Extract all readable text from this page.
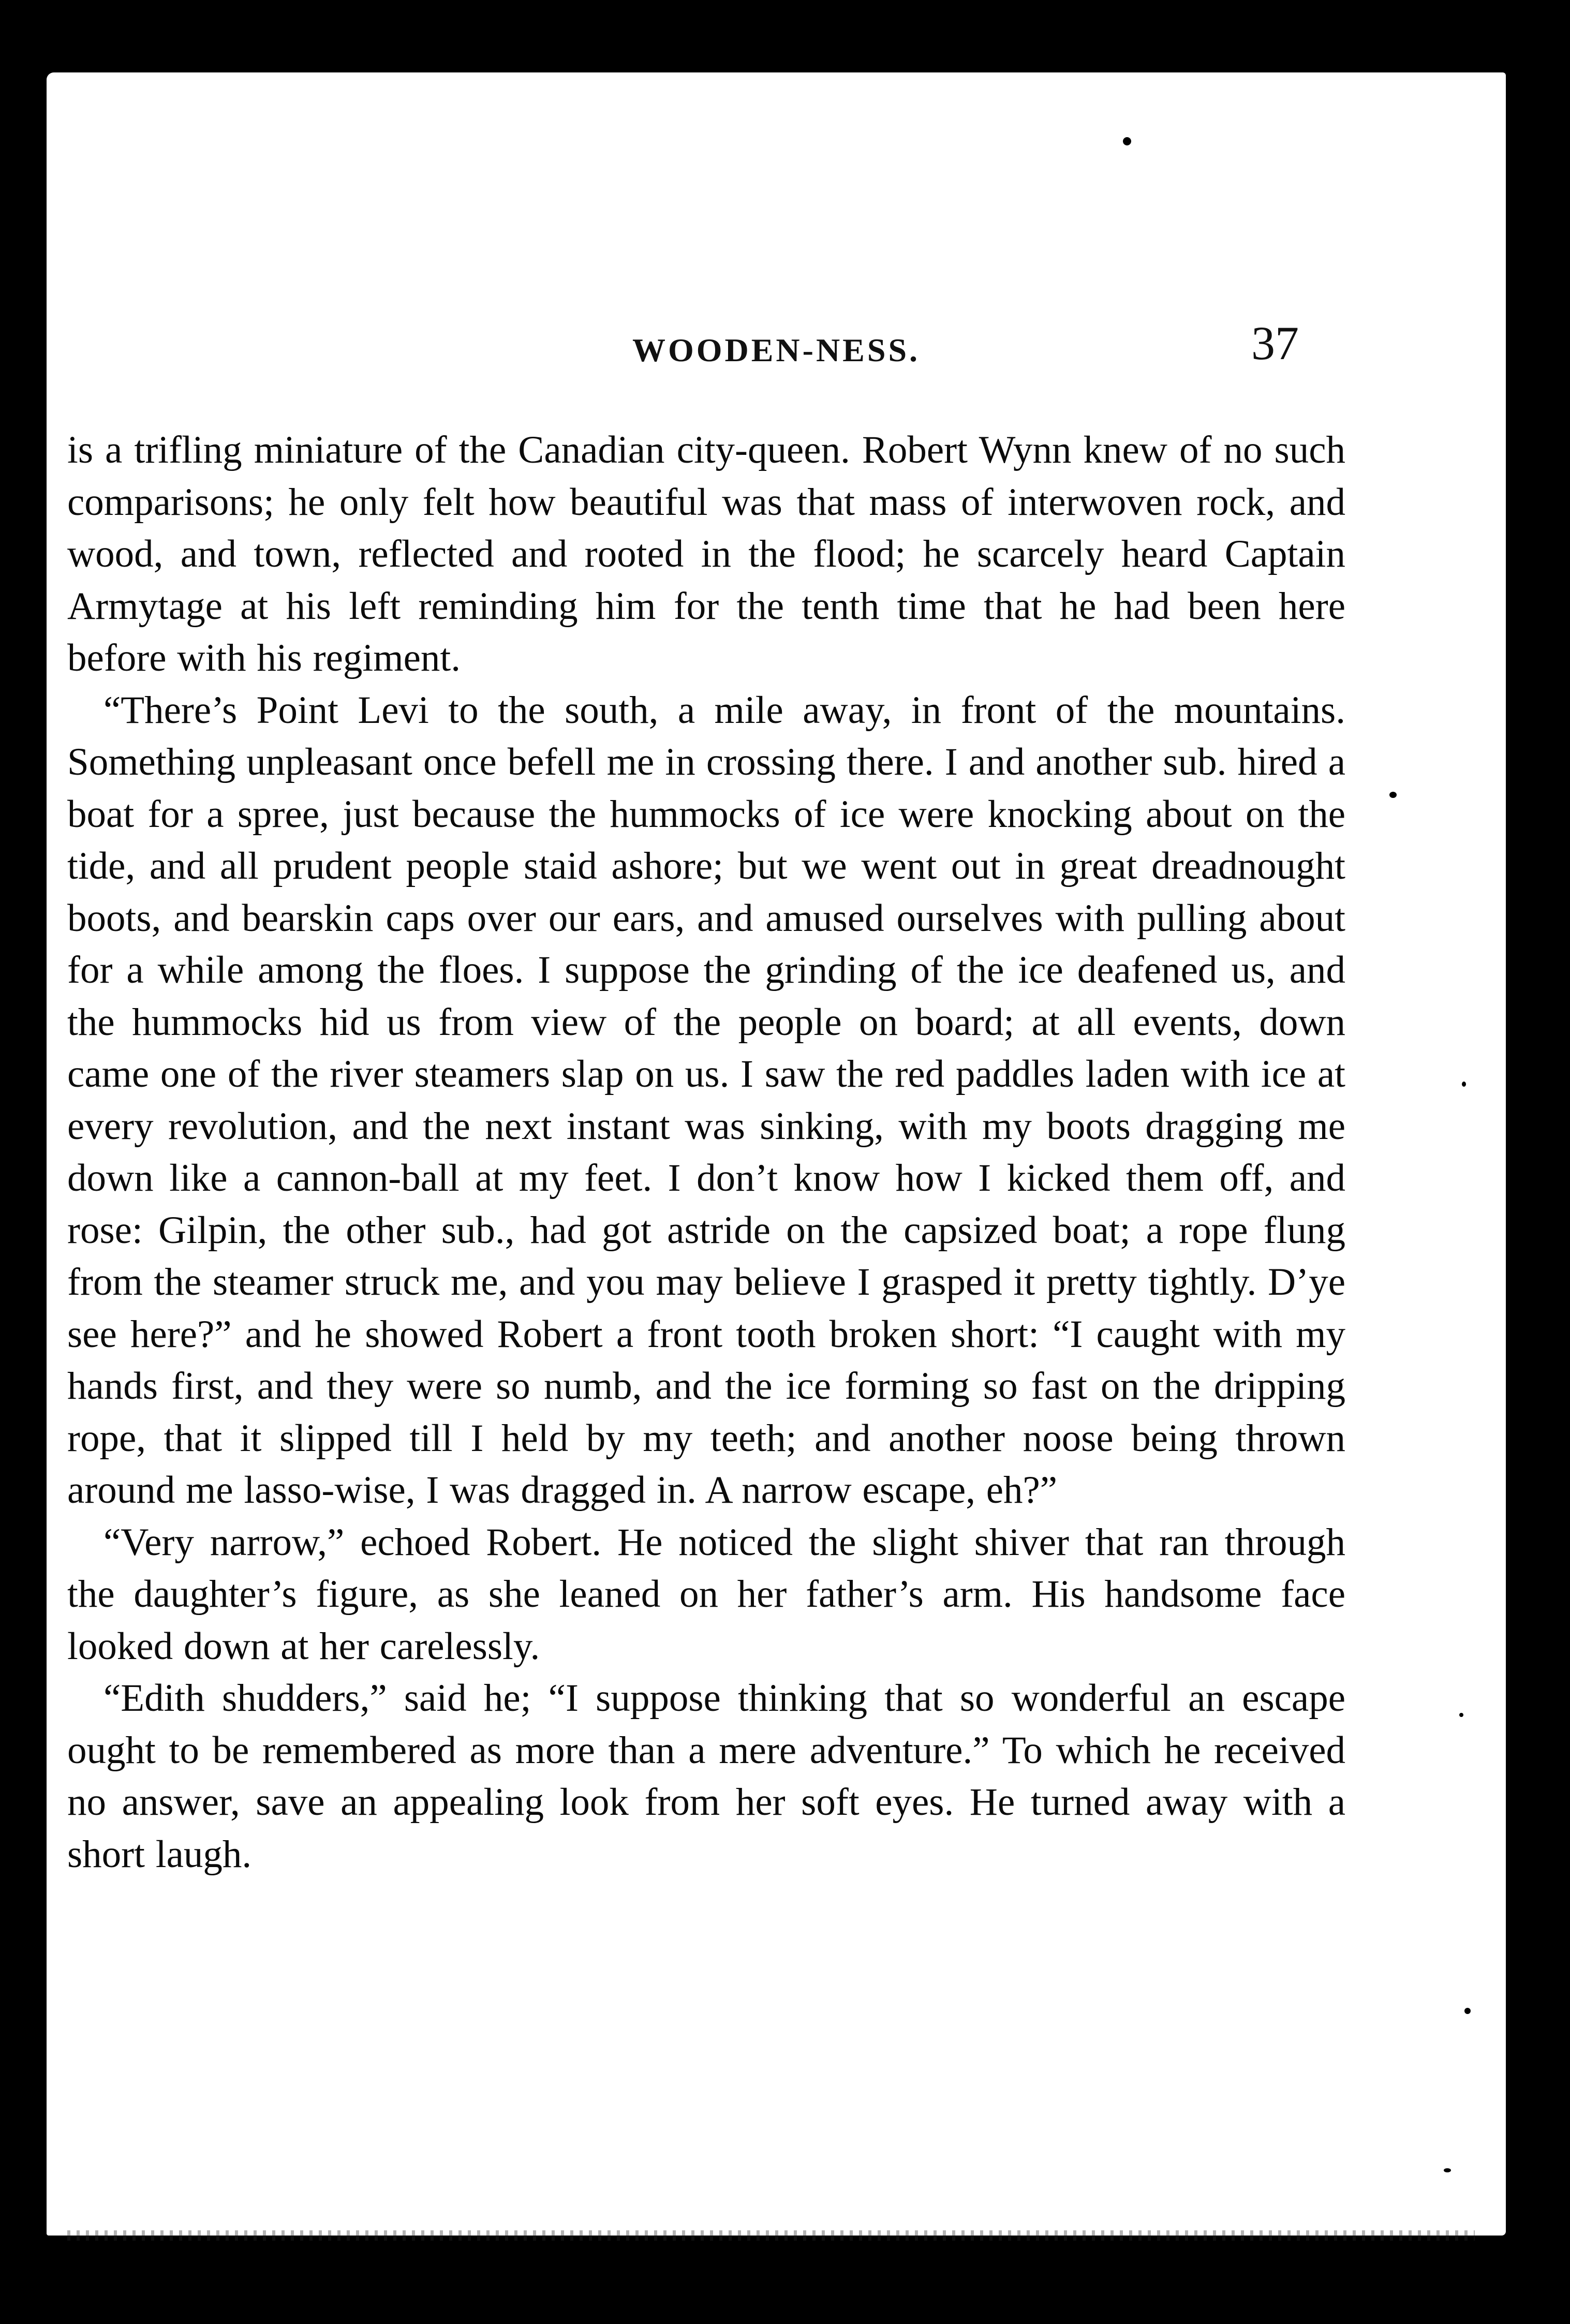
WOODEN-NESS.	37

is a trifling miniature of the Canadian city-queen. Robert Wynn knew of no such comparisons; he only felt how beautiful was that mass of interwoven rock, and wood, and town, reflected and rooted in the flood; he scarcely heard Captain Armytage at his left reminding him for the tenth time that he had been here before with his regiment.

“There’s Point Levi to the south, a mile away, in front of the mountains. Something unpleasant once befell me in crossing there. I and another sub. hired a boat for a spree, just because the hummocks of ice were knocking about on the tide, and all prudent people staid ashore; but we went out in great dreadnought boots, and bearskin caps over our ears, and amused ourselves with pulling about for a while among the floes. I suppose the grinding of the ice deafened us, and the hummocks hid us from view of the people on board; at all events, down came one of the river steamers slap on us. I saw the red paddles laden with ice at every revolution, and the next instant was sinking, with my boots dragging me down like a cannon-ball at my feet. I don’t know how I kicked them off, and rose: Gilpin, the other sub., had got astride on the capsized boat; a rope flung from the steamer struck me, and you may believe I grasped it pretty tightly. D’ye see here?” and he showed Robert a front tooth broken short: “I caught with my hands first, and they were so numb, and the ice forming so fast on the dripping rope, that it slipped till I held by my teeth; and another noose being thrown around me lasso-wise, I was dragged in. A narrow escape, eh?”

“Very narrow,” echoed Robert. He noticed the slight shiver that ran through the daughter’s figure, as she leaned on her father’s arm. His handsome face looked down at her carelessly.

“Edith shudders,” said he; “I suppose thinking that so wonderful an escape ought to be remembered as more than a mere adventure.” To which he received no answer, save an appealing look from her soft eyes. He turned away with a short laugh.
